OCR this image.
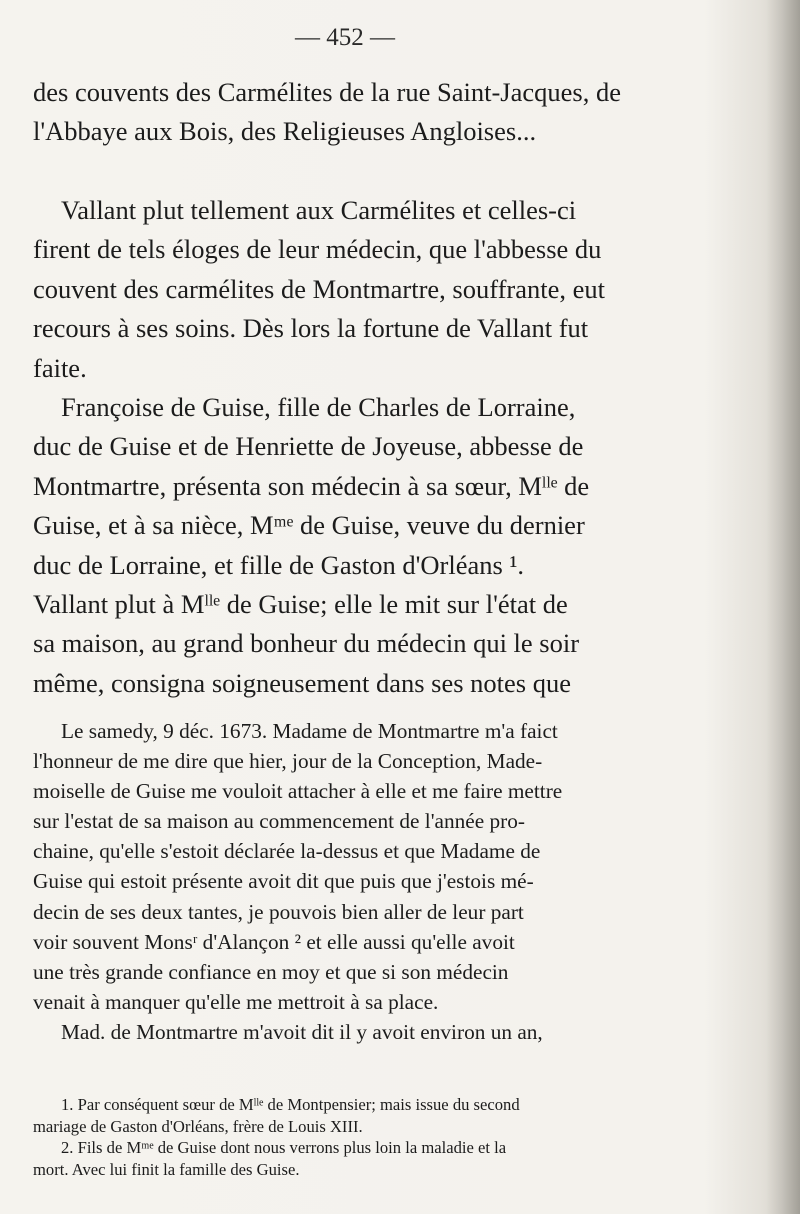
— 452 —

des couvents des Carmélites de la rue Saint-Jacques, de
l'Abbaye aux Bois, des Religieuses Angloises...

Vallant plut tellement aux Carmélites et celles-ci
firent de tels éloges de leur médecin, que l'abbesse du
couvent des carmélites de Montmartre, souffrante, eut
recours à ses soins. Dès lors la fortune de Vallant fut
faite.

Françoise de Guise, fille de Charles de Lorraine,
duc de Guise et de Henriette de Joyeuse, abbesse de
Montmartre, présenta son médecin à sa sœur, Mˡˡᵉ de
Guise, et à sa nièce, Mᵐᵉ de Guise, veuve du dernier
duc de Lorraine, et fille de Gaston d'Orléans ¹.
Vallant plut à Mˡˡᵉ de Guise; elle le mit sur l'état de
sa maison, au grand bonheur du médecin qui le soir
même, consigna soigneusement dans ses notes que

Le samedy, 9 déc. 1673. Madame de Montmartre m'a faict
l'honneur de me dire que hier, jour de la Conception, Made-
moiselle de Guise me vouloit attacher à elle et me faire mettre
sur l'estat de sa maison au commencement de l'année pro-
chaine, qu'elle s'estoit déclarée la-dessus et que Madame de
Guise qui estoit présente avoit dit que puis que j'estois mé-
decin de ses deux tantes, je pouvois bien aller de leur part
voir souvent Monsʳ d'Alançon ² et elle aussi qu'elle avoit
une très grande confiance en moy et que si son médecin
venait à manquer qu'elle me mettroit à sa place.

Mad. de Montmartre m'avoit dit il y avoit environ un an,

1. Par conséquent sœur de Mˡˡᵉ de Montpensier; mais issue du second
mariage de Gaston d'Orléans, frère de Louis XIII.

2. Fils de Mᵐᵉ de Guise dont nous verrons plus loin la maladie et la
mort. Avec lui finit la famille des Guise.
